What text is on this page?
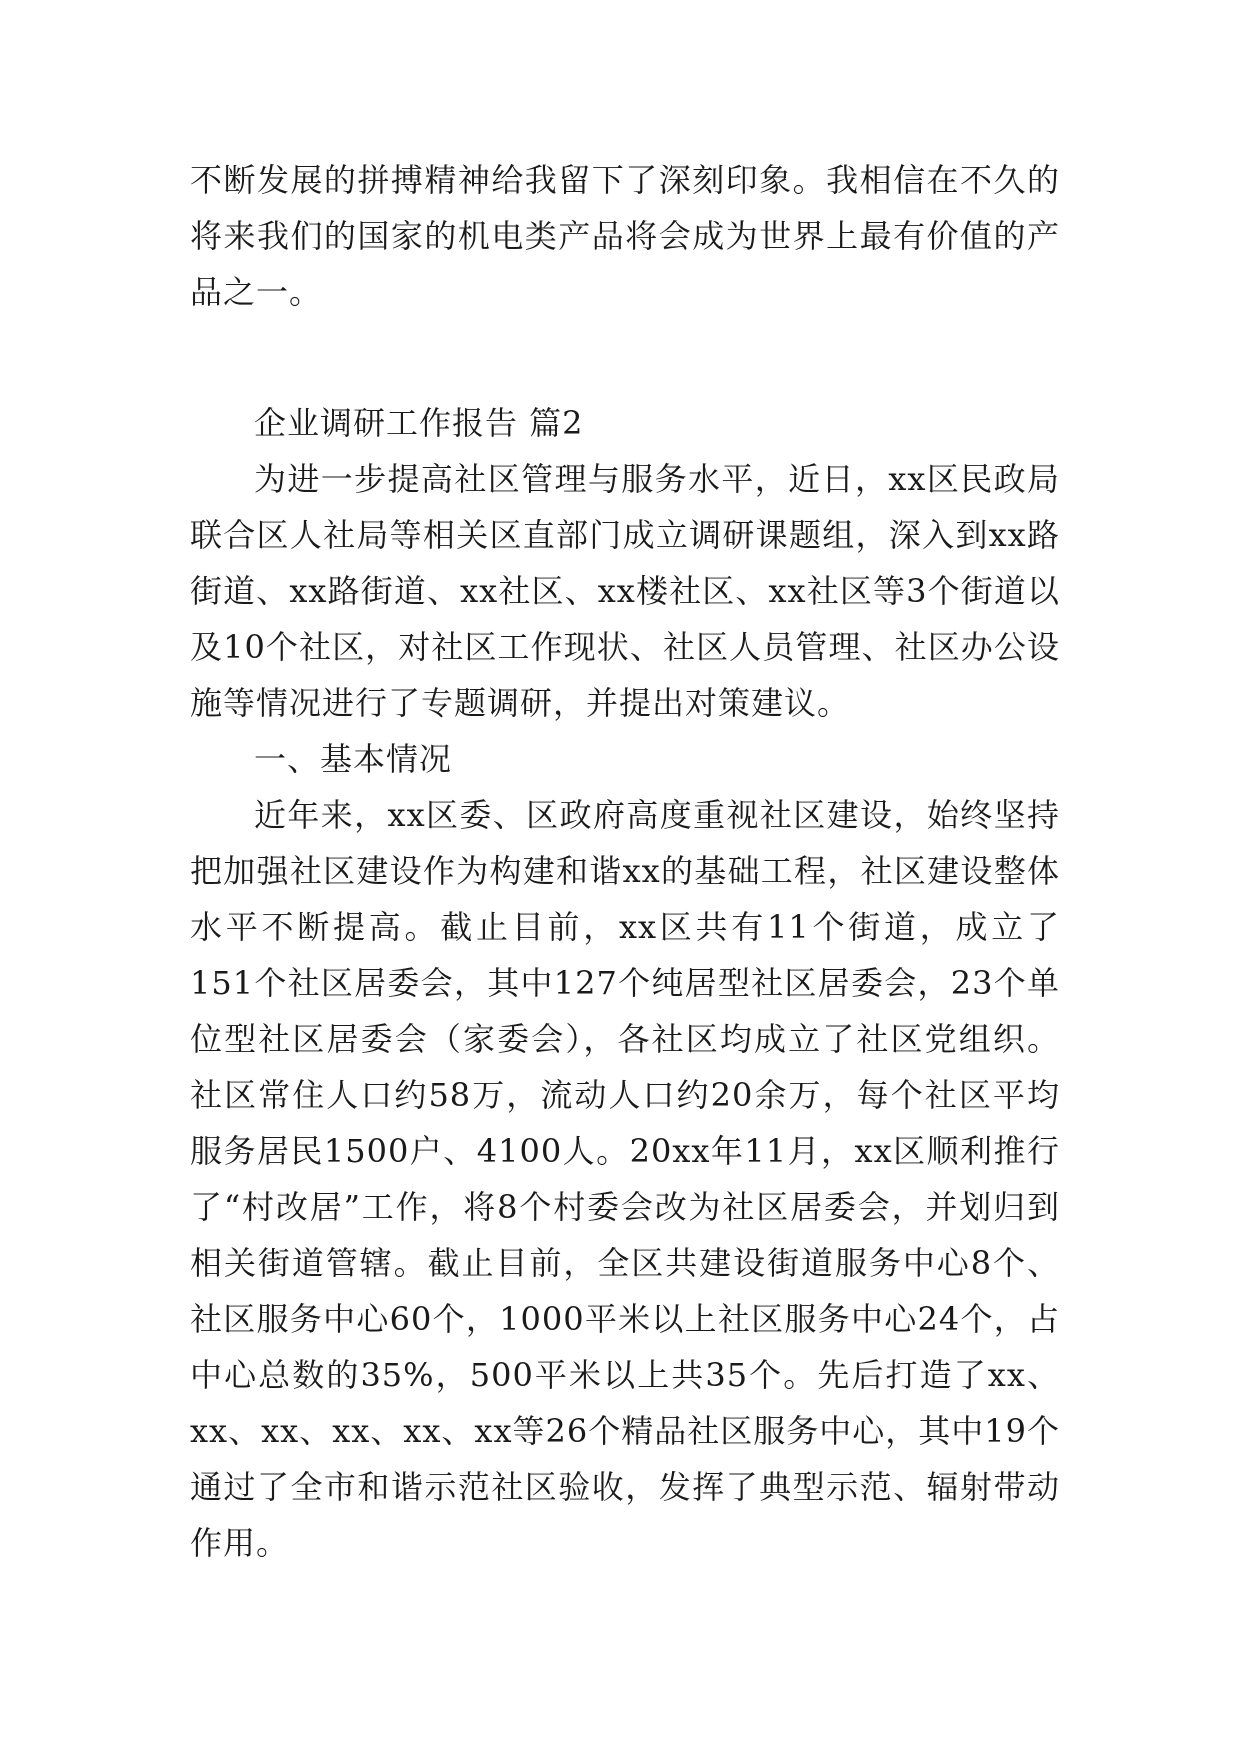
不断发展的拼搏精神给我留下了深刻印象。我相信在不久的将来我们的国家的机电类产品将会成为世界上最有价值的产品之一。

企业调研工作报告 篇2

为进一步提高社区管理与服务水平，近日，xx区民政局联合区人社局等相关区直部门成立调研课题组，深入到xx路街道、xx路街道、xx社区、xx楼社区、xx社区等3个街道以及10个社区，对社区工作现状、社区人员管理、社区办公设施等情况进行了专题调研，并提出对策建议。

一、基本情况

近年来，xx区委、区政府高度重视社区建设，始终坚持把加强社区建设作为构建和谐xx的基础工程，社区建设整体水平不断提高。截止目前，xx区共有11个街道，成立了151个社区居委会，其中127个纯居型社区居委会，23个单位型社区居委会（家委会），各社区均成立了社区党组织。社区常住人口约58万，流动人口约20余万，每个社区平均服务居民1500户、4100人。20xx年11月，xx区顺利推行了“村改居”工作，将8个村委会改为社区居委会，并划归到相关街道管辖。截止目前，全区共建设街道服务中心8个、社区服务中心60个，1000平米以上社区服务中心24个，占中心总数的35%，500平米以上共35个。先后打造了xx、xx、xx、xx、xx、xx等26个精品社区服务中心，其中19个通过了全市和谐示范社区验收，发挥了典型示范、辐射带动作用。
